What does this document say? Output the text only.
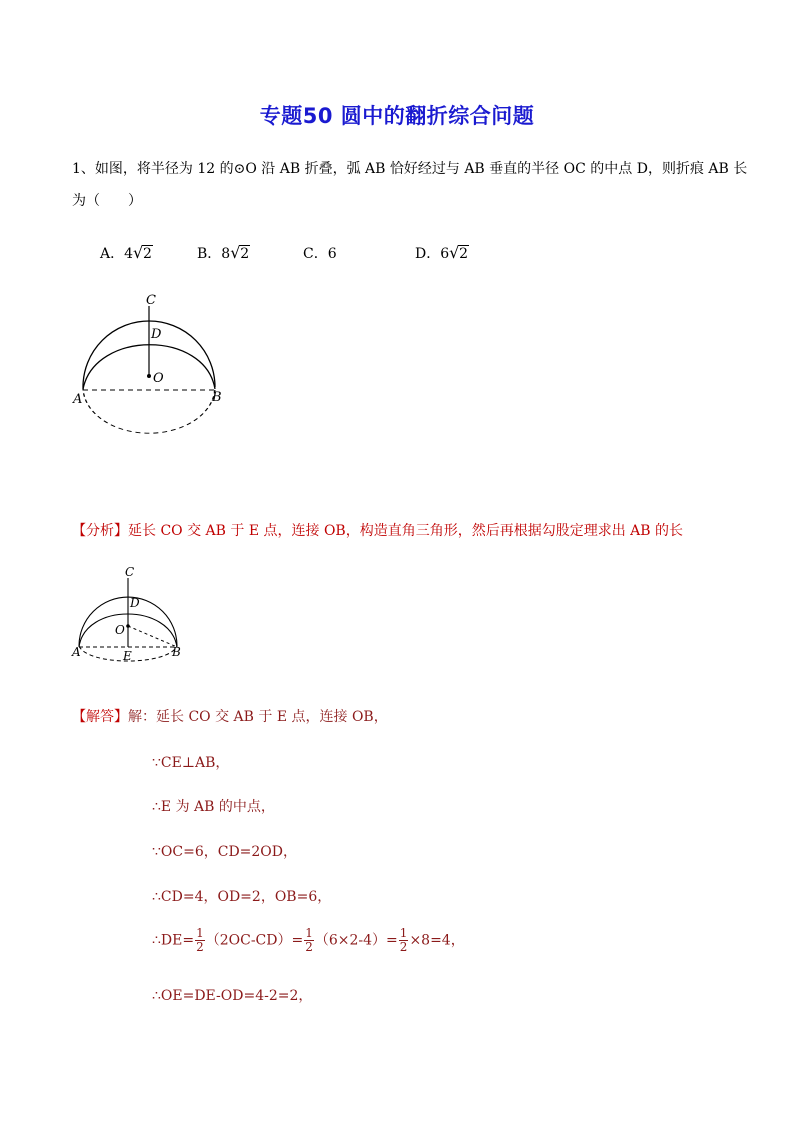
专题50 圆中的翻折综合问题
1、如图，将半径为 12 的⊙O 沿 AB 折叠，弧 AB 恰好经过与 AB 垂直的半径 OC 的中点 D，则折痕 AB 长
为（　　）
A．4 √ 2	B．8 √ 2	C．6	D．6 √ 2
C
D
O
A	B
【分析】延长 CO 交 AB 于 E 点，连接 OB，构造直角三角形，然后再根据勾股定理求出 AB 的长
C
D
O
A	E	B
【解答】解：延长 CO 交 AB 于 E 点，连接 OB，
∵CE⊥AB，
∴E 为 AB 的中点，
∵OC=6，CD=2OD，
∴CD=4，OD=2，OB=6，
∴DE= $\frac{1}{2} (2OC-CD)= \frac{1}{2} (6\times 2-4)= \frac{1}{2} \times 8=4$，
∴OE=DE-OD=4-2=2，
